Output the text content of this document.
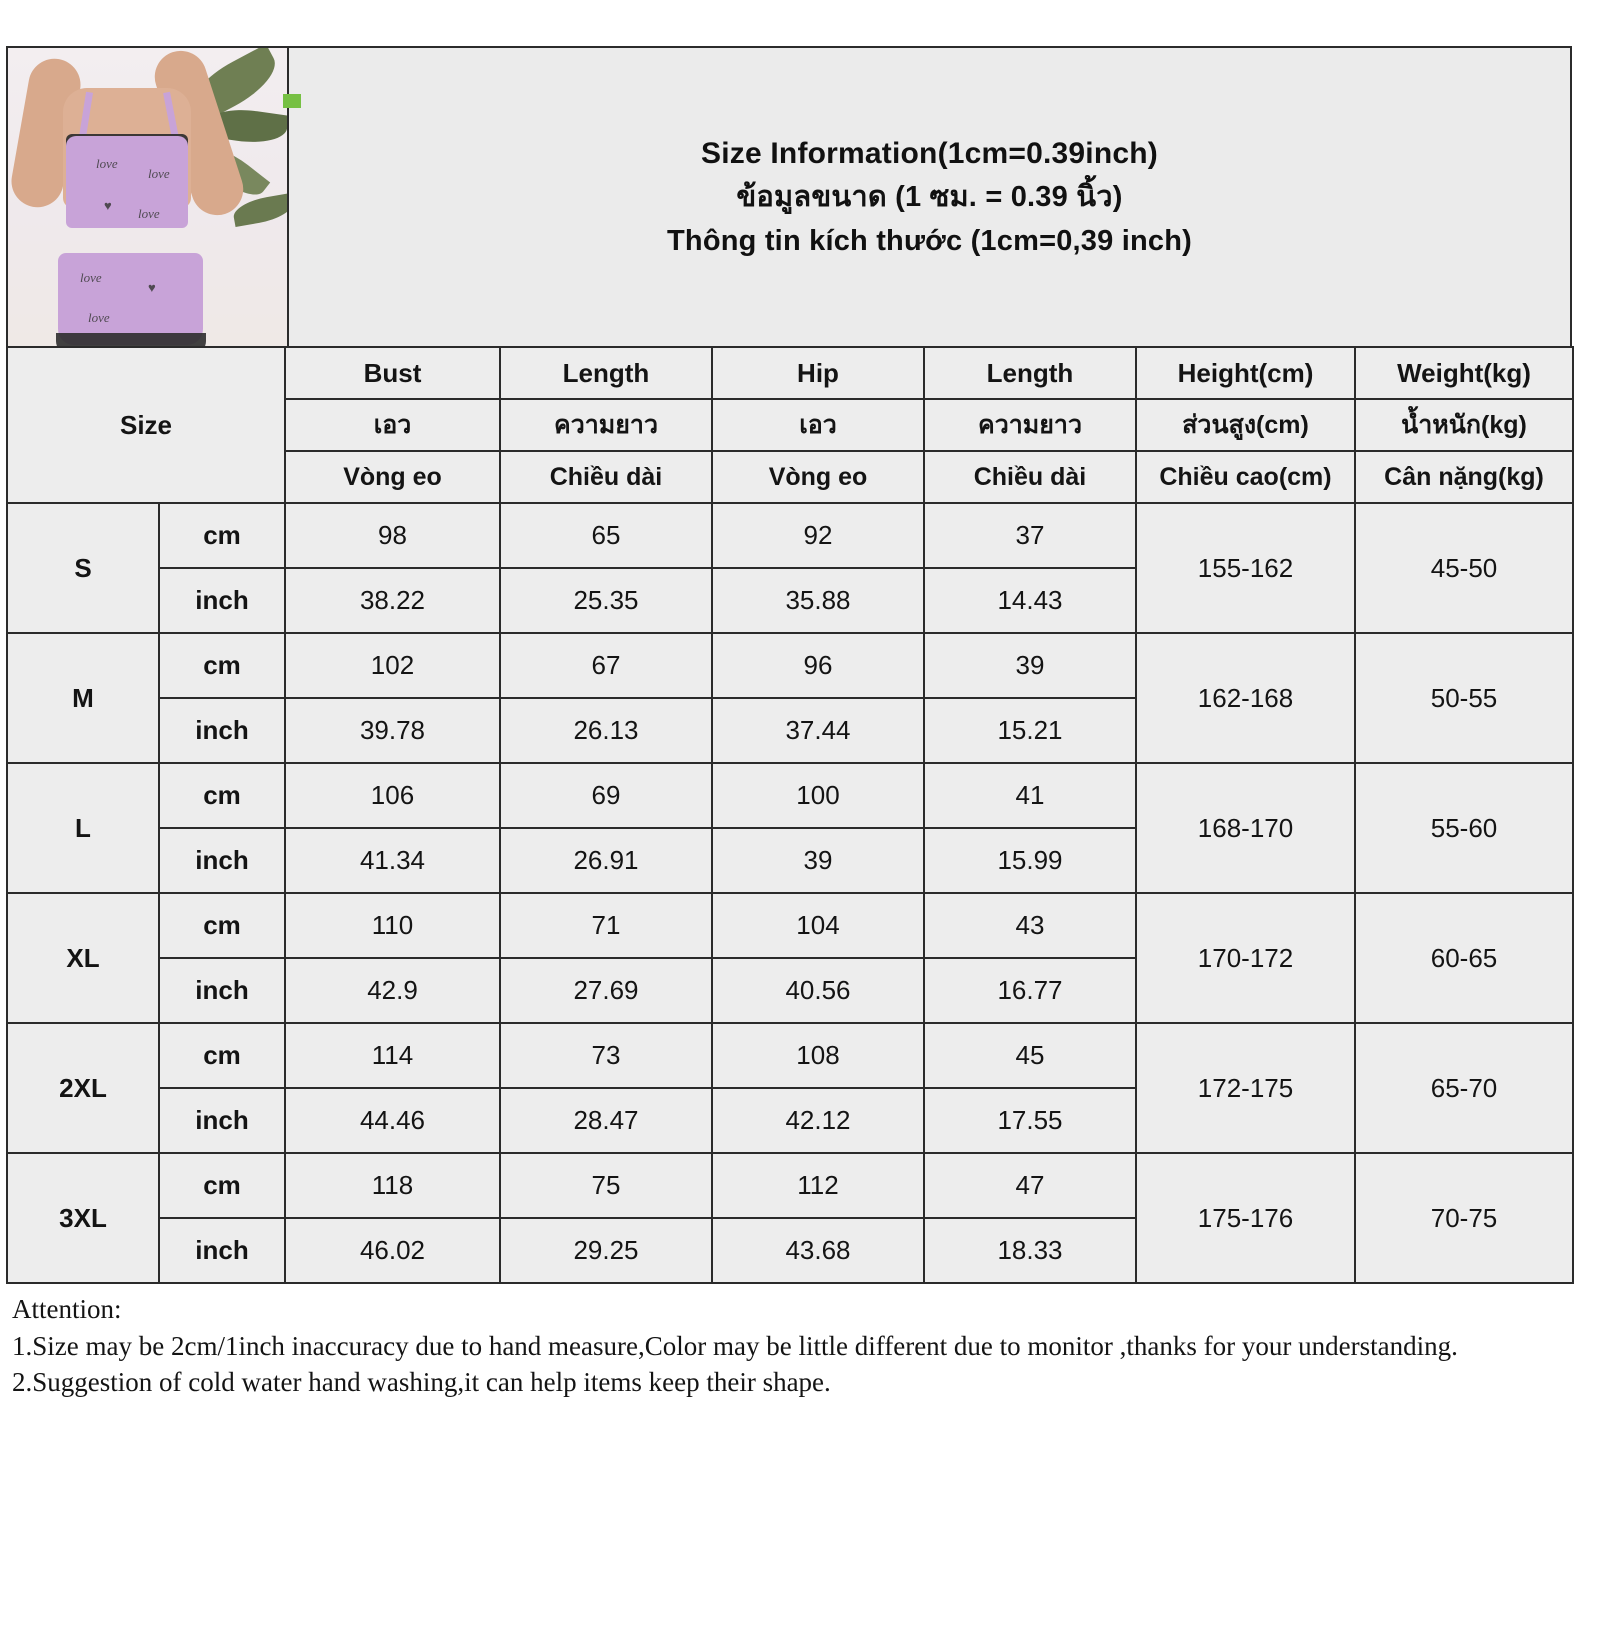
love
love
♥
love
love
♥
love
Size Information(1cm=0.39inch)
ข้อมูลขนาด (1 ซม. = 0.39 นิ้ว)
Thông tin kích thước (1cm=0,39 inch)
Size		Bust	Length	Hip	Length	Height(cm)	Weight(kg)
		เอว	ความยาว	เอว	ความยาว	ส่วนสูง(cm)	น้ำหนัก(kg)
		Vòng eo	Chiều dài	Vòng eo	Chiều dài	Chiều cao(cm)	Cân nặng(kg)
S	cm	98	65	92	37	155-162	45-50
	inch	38.22	25.35	35.88	14.43		
M	cm	102	67	96	39	162-168	50-55
	inch	39.78	26.13	37.44	15.21		
L	cm	106	69	100	41	168-170	55-60
	inch	41.34	26.91	39	15.99		
XL	cm	110	71	104	43	170-172	60-65
	inch	42.9	27.69	40.56	16.77		
2XL	cm	114	73	108	45	172-175	65-70
	inch	44.46	28.47	42.12	17.55		
3XL	cm	118	75	112	47	175-176	70-75
	inch	46.02	29.25	43.68	18.33		
Attention:
1.Size may be 2cm/1inch inaccuracy due to hand measure,Color may be little different due to monitor ,thanks for your understanding.
2.Suggestion of cold water hand washing,it can help items keep their shape.
